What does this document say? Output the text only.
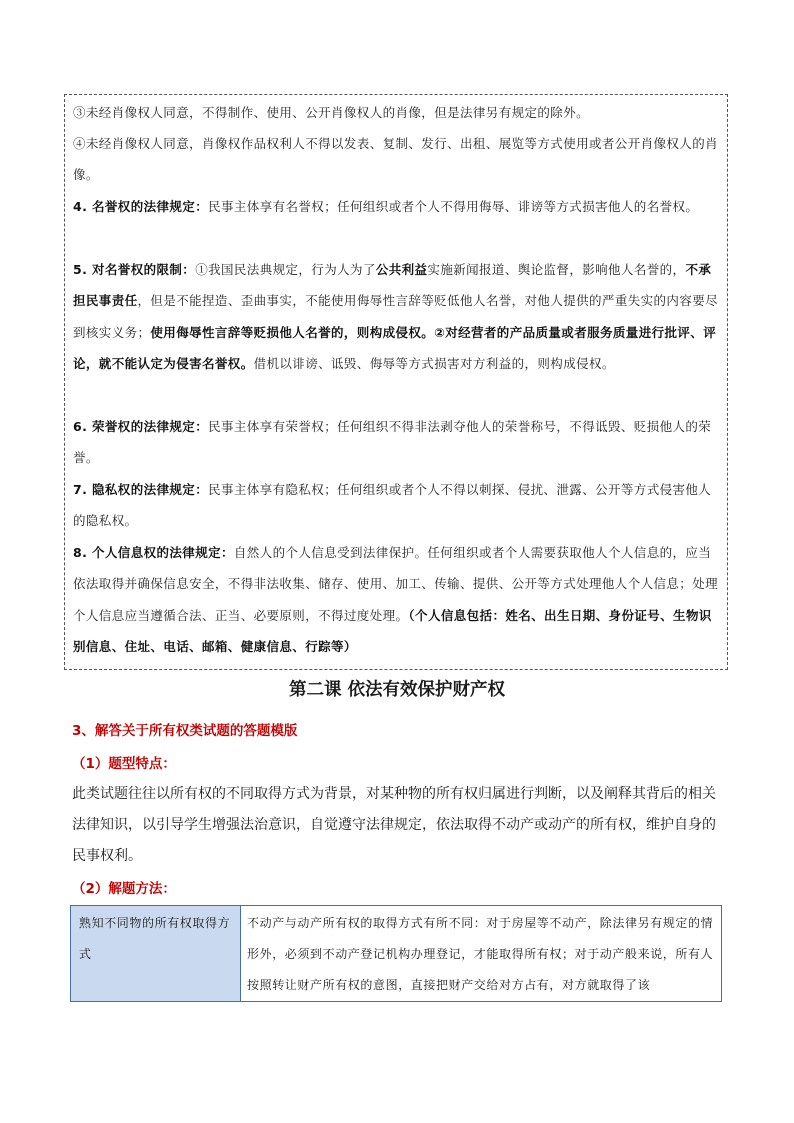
③未经肖像权人同意，不得制作、使用、公开肖像权人的肖像，但是法律另有规定的除外。

④未经肖像权人同意，肖像权作品权利人不得以发表、复制、发行、出租、展览等方式使用或者公开肖像权人的肖像。

4. 名誉权的法律规定：民事主体享有名誉权；任何组织或者个人不得用侮辱、诽谤等方式损害他人的名誉权。

5. 对名誉权的限制：①我国民法典规定，行为人为了公共利益实施新闻报道、舆论监督，影响他人名誉的，不承担民事责任，但是不能捏造、歪曲事实，不能使用侮辱性言辞等贬低他人名誉，对他人提供的严重失实的内容要尽到核实义务；使用侮辱性言辞等贬损他人名誉的，则构成侵权。②对经营者的产品质量或者服务质量进行批评、评论，就不能认定为侵害名誉权。借机以诽谤、诋毁、侮辱等方式损害对方利益的，则构成侵权。

6. 荣誉权的法律规定：民事主体享有荣誉权；任何组织不得非法剥夺他人的荣誉称号，不得诋毁、贬损他人的荣誉。

7. 隐私权的法律规定：民事主体享有隐私权；任何组织或者个人不得以刺探、侵扰、泄露、公开等方式侵害他人的隐私权。

8. 个人信息权的法律规定：自然人的个人信息受到法律保护。任何组织或者个人需要获取他人个人信息的，应当依法取得并确保信息安全，不得非法收集、储存、使用、加工、传输、提供、公开等方式处理他人个人信息；处理个人信息应当遵循合法、正当、必要原则，不得过度处理。（个人信息包括：姓名、出生日期、身份证号、生物识别信息、住址、电话、邮箱、健康信息、行踪等）

第二课 依法有效保护财产权
3、解答关于所有权类试题的答题模版
（1）题型特点：

此类试题往往以所有权的不同取得方式为背景，对某种物的所有权归属进行判断，以及阐释其背后的相关法律知识，以引导学生增强法治意识，自觉遵守法律规定，依法取得不动产或动产的所有权，维护自身的民事权利。

（2）解题方法：
熟知不同物的所有权取得方式	不动产与动产所有权的取得方式有所不同：对于房屋等不动产，除法律另有规定的情形外，必须到不动产登记机构办理登记，才能取得所有权；对于动产般来说，所有人按照转让财产所有权的意图，直接把财产交给对方占有，对方就取得了该
